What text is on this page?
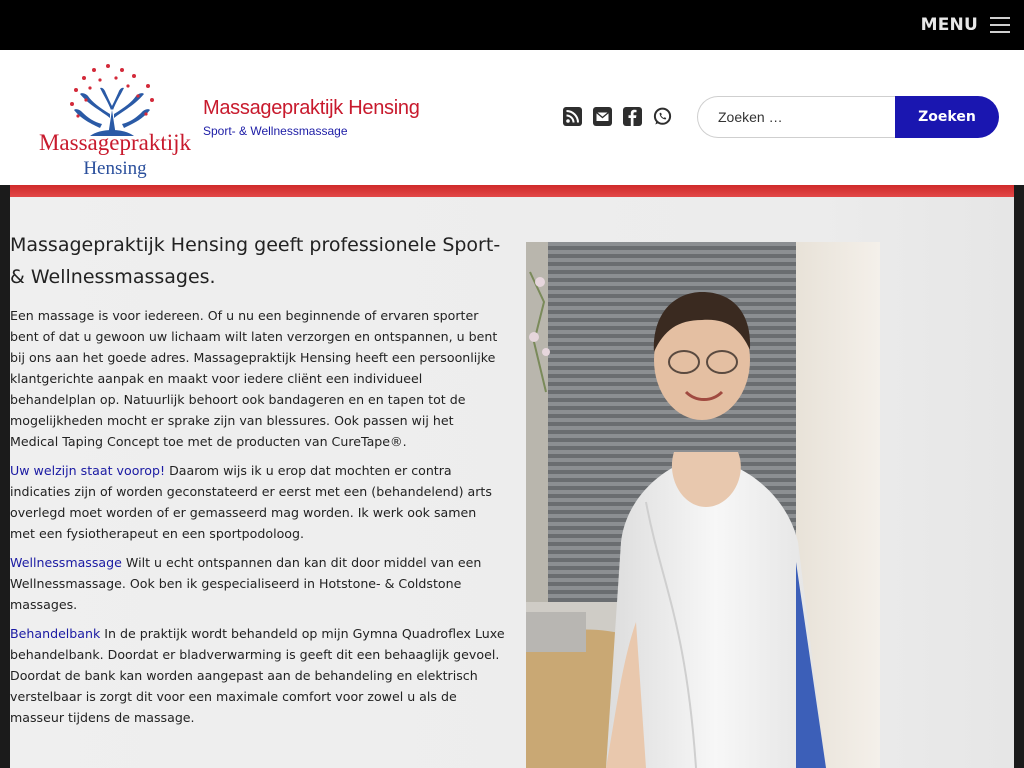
MENU
Massagepraktijk
Hensing
Massagepraktijk Hensing
Sport- & Wellnessmassage
Zoeken …
Zoeken
Massagepraktijk Hensing geeft professionele Sport- & Wellnessmassages.

Een massage is voor iedereen. Of u nu een beginnende of ervaren sporter bent of dat u gewoon uw lichaam wilt laten verzorgen en ontspannen, u bent bij ons aan het goede adres. Massagepraktijk Hensing heeft een persoonlijke klantgerichte aanpak en maakt voor iedere cliënt een individueel behandelplan op. Natuurlijk behoort ook bandageren en en tapen tot de mogelijkheden mocht er sprake zijn van blessures. Ook passen wij het Medical Taping Concept toe met de producten van CureTape®.

Uw welzijn staat voorop! Daarom wijs ik u erop dat mochten er contra indicaties zijn of worden geconstateerd er eerst met een (behandelend) arts overlegd moet worden of er gemasseerd mag worden. Ik werk ook samen met een fysiotherapeut en een sportpodoloog.

Wellnessmassage Wilt u echt ontspannen dan kan dit door middel van een Wellnessmassage. Ook ben ik gespecialiseerd in Hotstone- & Coldstone massages.

Behandelbank In de praktijk wordt behandeld op mijn Gymna Quadroflex Luxe behandelbank. Doordat er bladverwarming is geeft dit een behaaglijk gevoel. Doordat de bank kan worden aangepast aan de behandeling en elektrisch verstelbaar is zorgt dit voor een maximale comfort voor zowel u als de masseur tijdens de massage.
